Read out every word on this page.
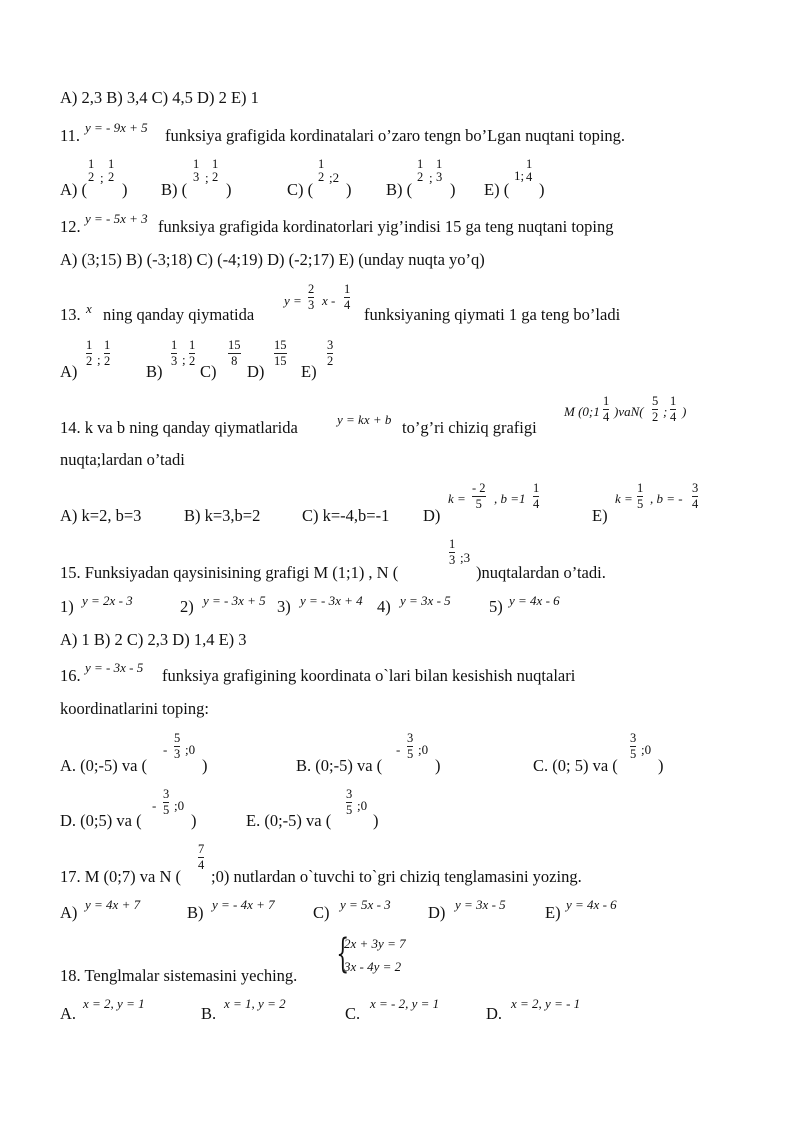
A) 2,3 B) 3,4 C) 4,5 D) 2 E) 1
11. y = - 9x + 5 funksiya grafigida kordinatalari o’zaro tengn bo’Lgan nuqtani toping.
A) (
1
2 ;
1
2
) B) (
1
3 ;
1
2
)	C) (
1
2 ;2
) B) (
1
2 ;
1
3
) E) (
1;
1
4
)
12. y = - 5x + 3 funksiya grafigida kordinatorlari yig’indisi 15 ga teng nuqtani toping
A) (3;15) B) (-3;18) C) (-4;19) D) (-2;17) E) (unday nuqta yo’q)
13. x ning qanday qiymatida
y =
2
3 x -
1
4 funksiyaning qiymati 1 ga teng bo’ladi
A)
1
2 ;
1
2
B)
1
3 ;
1
2
C)
15
8
D)
15
15
E)
3
2
14. k va b ning qanday qiymatlarida	y = kx + b to’g’ri chiziq grafigi
M (0;1
1
4 )vaN(
5
2 ;
1
4 )
nuqta;lardan o’tadi
A) k=2, b=3	B) k=3,b=2	C) k=-4,b=-1 D)
k =
- 2
5 , b =1
1
4
E)
k =
1
5 , b = -
3
4
15. Funksiyadan qaysinisining grafigi M (1;1) , N (
1
3 ;3
)nuqtalardan o’tadi.
1) y = 2x - 3	2) y = - 3x + 5 3) y = - 3x + 4 4) y = 3x - 5 5) y = 4x - 6
A) 1 B) 2 C) 2,3 D) 1,4 E) 3
16. y = - 3x - 5 funksiya grafigining koordinata o`lari bilan kesishish nuqtalari
koordinatlarini toping:
A. (0;-5) va (
-
5
3 ;0
)	B. (0;-5) va (
-
3
5 ;0
)	C. (0; 5) va (
3
5 ;0
)
D. (0;5) va (
-
3
5 ;0
)	E. (0;-5) va (
3
5 ;0
)
17. M (0;7) va N (
7
4
;0) nutlardan o`tuvchi to`gri chiziq tenglamasini yozing.
A) y = 4x + 7	B) y = - 4x + 7 C) y = 5x - 3 D) y = 3x - 5 E) y = 4x - 6
18. Tenglmalar sistemasini yeching. {
2x + 3y = 7
3x - 4y = 2
A.
x = 2, y = 1
B.
x = 1, y = 2
C.
x = - 2, y = 1
D.
x = 2, y = - 1
